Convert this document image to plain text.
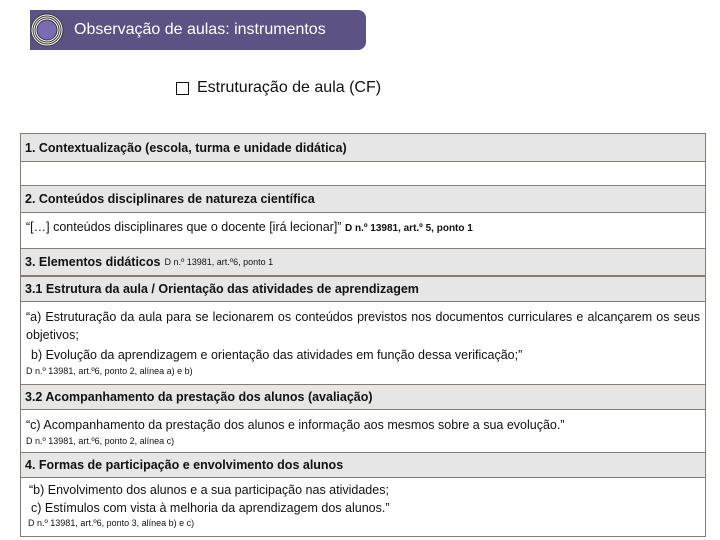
Observação de aulas: instrumentos
Estruturação de aula (CF)
1. Contextualização (escola, turma e unidade didática)
2. Conteúdos disciplinares de natureza científica
“[…] conteúdos disciplinares que o docente [irá lecionar]” D n.º 13981, art.º 5, ponto 1
3. Elementos didáticos D n.º 13981, art.º6, ponto 1
3.1 Estrutura da aula / Orientação das atividades de aprendizagem
“a) Estruturação da aula para se lecionarem os conteúdos previstos nos documentos curriculares e alcançarem os seus objetivos;
b) Evolução da aprendizagem e orientação das atividades em função dessa verificação;”
D n.º 13981, art.º6, ponto 2, alínea a) e b)
3.2 Acompanhamento da prestação dos alunos (avaliação)
“c) Acompanhamento da prestação dos alunos e informação aos mesmos sobre a sua evolução.”
D n.º 13981, art.º6, ponto 2, alínea c)
4. Formas de participação e envolvimento dos alunos
“b) Envolvimento dos alunos e a sua participação nas atividades;
c) Estímulos com vista à melhoria da aprendizagem dos alunos.”
D n.º 13981, art.º6, ponto 3, alínea b) e c)
